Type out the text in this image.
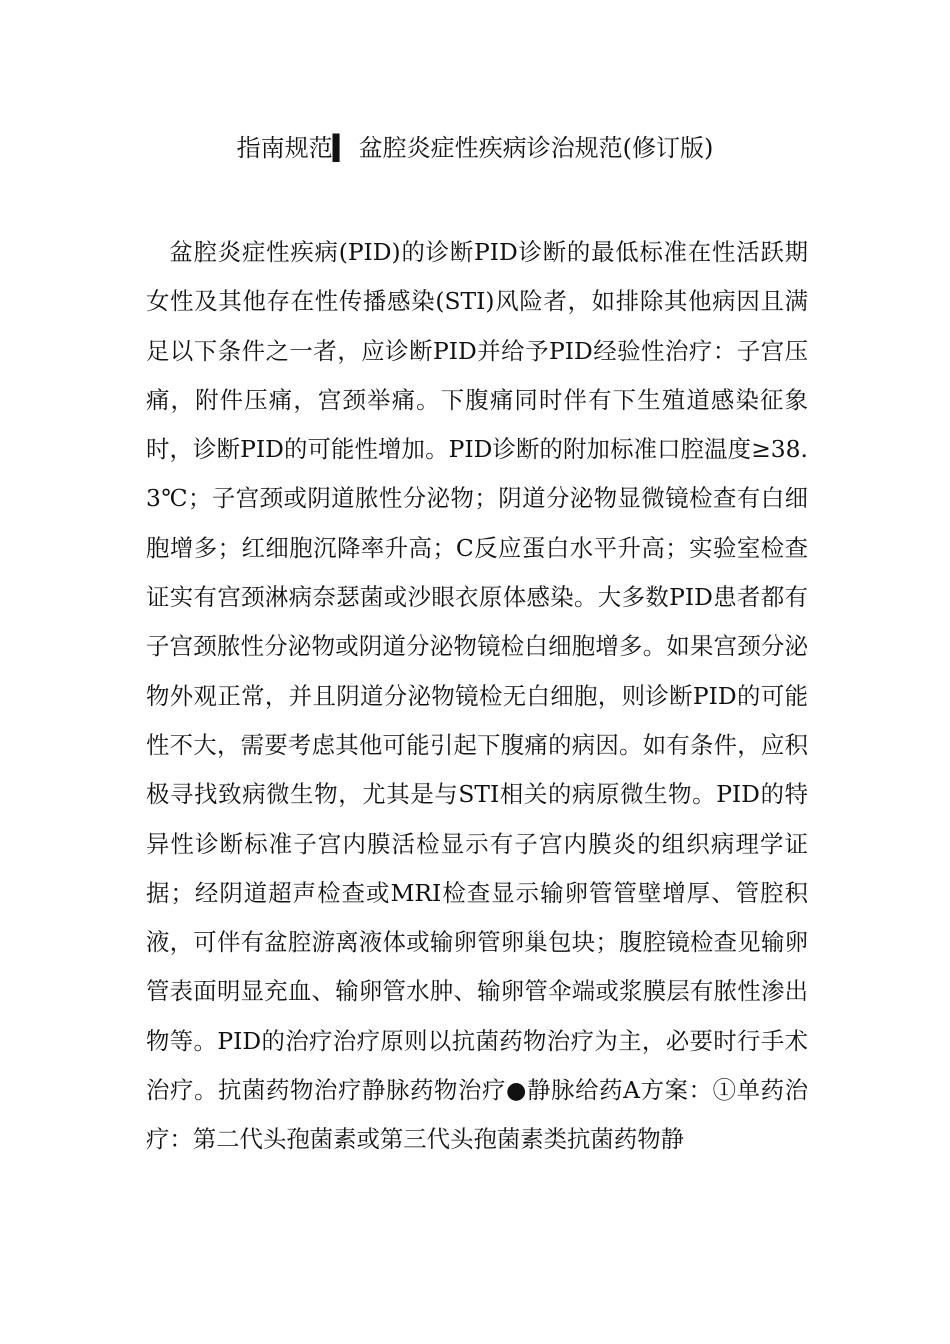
指南规范▍ 盆腔炎症性疾病诊治规范(修订版)

盆腔炎症性疾病(PID)的诊断PID诊断的最低标准在性活跃期女性及其他存在性传播感染(STI)风险者，如排除其他病因且满足以下条件之一者，应诊断PID并给予PID经验性治疗：子宫压痛，附件压痛，宫颈举痛。下腹痛同时伴有下生殖道感染征象时，诊断PID的可能性增加。PID诊断的附加标准口腔温度≥38.3℃；子宫颈或阴道脓性分泌物；阴道分泌物显微镜检查有白细胞增多；红细胞沉降率升高；C反应蛋白水平升高；实验室检查证实有宫颈淋病奈瑟菌或沙眼衣原体感染。大多数PID患者都有子宫颈脓性分泌物或阴道分泌物镜检白细胞增多。如果宫颈分泌物外观正常，并且阴道分泌物镜检无白细胞，则诊断PID的可能性不大，需要考虑其他可能引起下腹痛的病因。如有条件，应积极寻找致病微生物，尤其是与STI相关的病原微生物。PID的特异性诊断标准子宫内膜活检显示有子宫内膜炎的组织病理学证据；经阴道超声检查或MRI检查显示输卵管管壁增厚、管腔积液，可伴有盆腔游离液体或输卵管卵巢包块；腹腔镜检查见输卵管表面明显充血、输卵管水肿、输卵管伞端或浆膜层有脓性渗出物等。PID的治疗治疗原则以抗菌药物治疗为主，必要时行手术治疗。抗菌药物治疗静脉药物治疗●静脉给药A方案：①单药治疗：第二代头孢菌素或第三代头孢菌素类抗菌药物静
